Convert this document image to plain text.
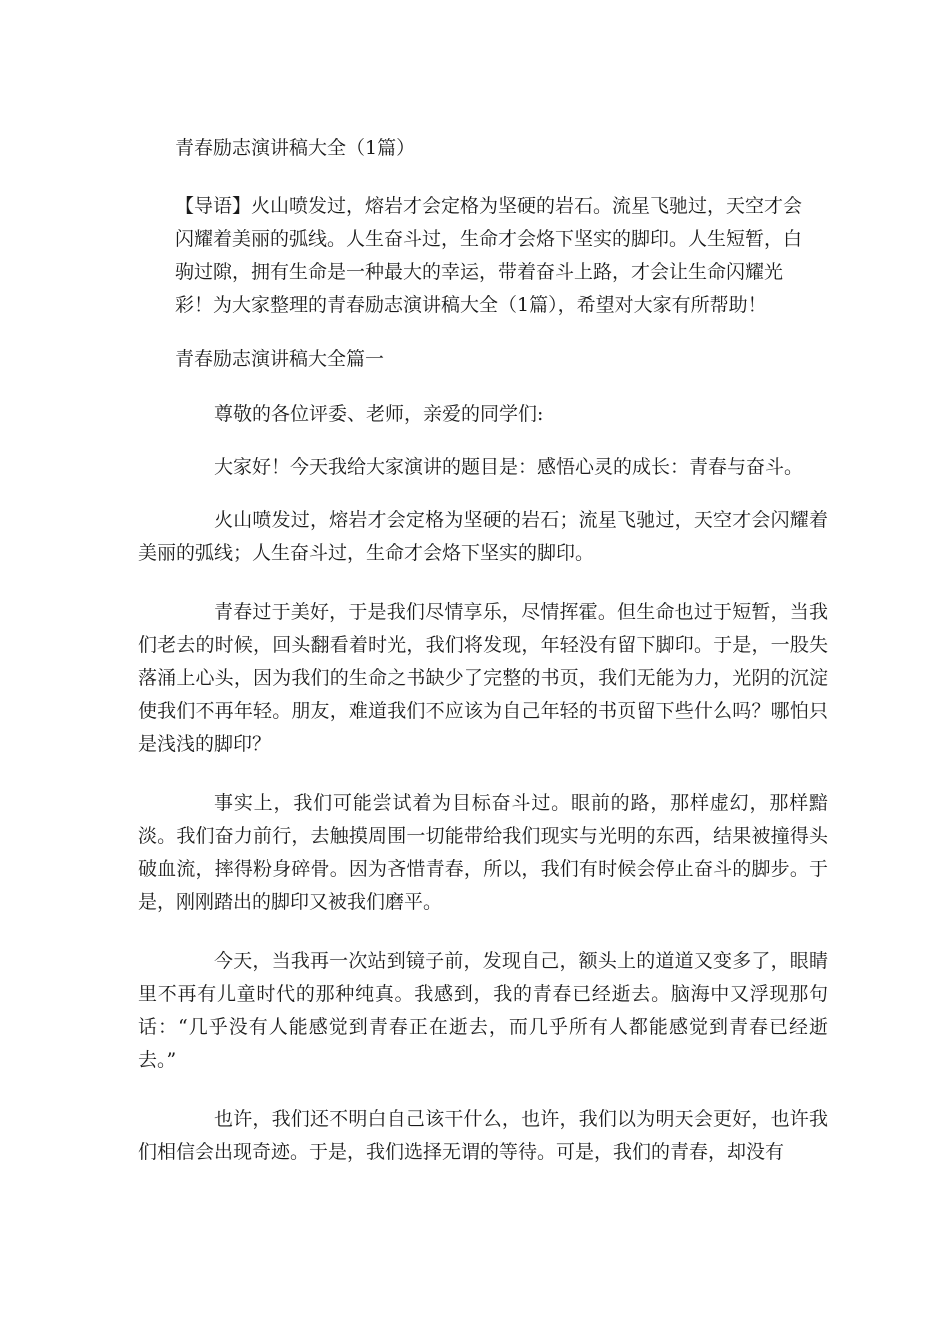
青春励志演讲稿大全（1篇）

【导语】火山喷发过，熔岩才会定格为坚硬的岩石。流星飞驰过，天空才会闪耀着美丽的弧线。人生奋斗过，生命才会烙下坚实的脚印。人生短暂，白驹过隙，拥有生命是一种最大的幸运，带着奋斗上路，才会让生命闪耀光彩！为大家整理的青春励志演讲稿大全（1篇），希望对大家有所帮助！

青春励志演讲稿大全篇一

尊敬的各位评委、老师，亲爱的同学们:

大家好！今天我给大家演讲的题目是：感悟心灵的成长：青春与奋斗。

火山喷发过，熔岩才会定格为坚硬的岩石；流星飞驰过，天空才会闪耀着美丽的弧线；人生奋斗过，生命才会烙下坚实的脚印。

青春过于美好，于是我们尽情享乐，尽情挥霍。但生命也过于短暂，当我们老去的时候，回头翻看着时光，我们将发现，年轻没有留下脚印。于是，一股失落涌上心头，因为我们的生命之书缺少了完整的书页，我们无能为力，光阴的沉淀使我们不再年轻。朋友，难道我们不应该为自己年轻的书页留下些什么吗？哪怕只是浅浅的脚印？

事实上，我们可能尝试着为目标奋斗过。眼前的路，那样虚幻，那样黯淡。我们奋力前行，去触摸周围一切能带给我们现实与光明的东西，结果被撞得头破血流，摔得粉身碎骨。因为吝惜青春，所以，我们有时候会停止奋斗的脚步。于是，刚刚踏出的脚印又被我们磨平。

今天，当我再一次站到镜子前，发现自己，额头上的道道又变多了，眼睛里不再有儿童时代的那种纯真。我感到，我的青春已经逝去。脑海中又浮现那句话：“几乎没有人能感觉到青春正在逝去，而几乎所有人都能感觉到青春已经逝去。”

也许，我们还不明白自己该干什么，也许，我们以为明天会更好，也许我们相信会出现奇迹。于是，我们选择无谓的等待。可是，我们的青春，却没有
